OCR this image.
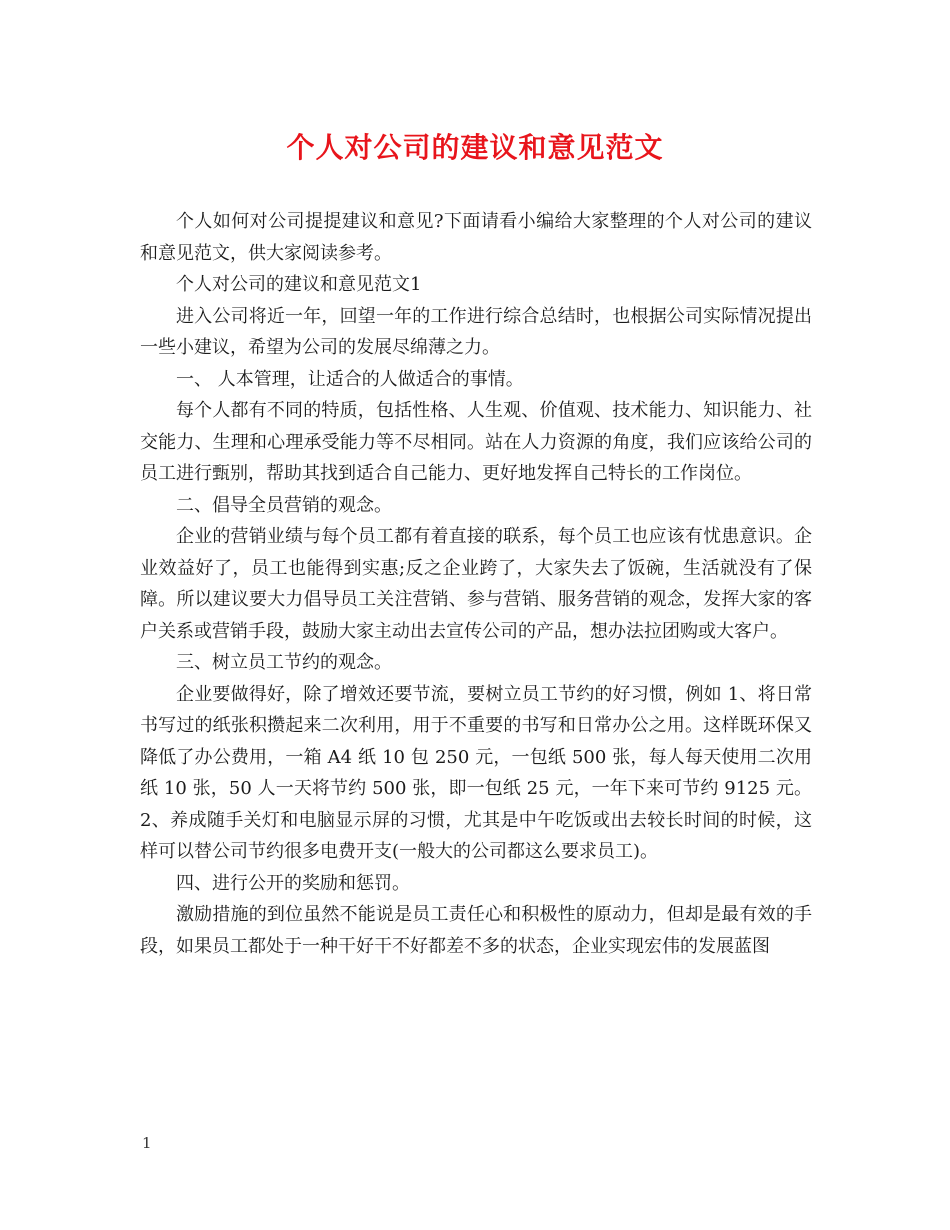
个人对公司的建议和意见范文

个人如何对公司提提建议和意见?下面请看小编给大家整理的个人对公司的建议和意见范文，供大家阅读参考。

个人对公司的建议和意见范文1

进入公司将近一年，回望一年的工作进行综合总结时，也根据公司实际情况提出一些小建议，希望为公司的发展尽绵薄之力。

一、 人本管理，让适合的人做适合的事情。

每个人都有不同的特质，包括性格、人生观、价值观、技术能力、知识能力、社交能力、生理和心理承受能力等不尽相同。站在人力资源的角度，我们应该给公司的员工进行甄别，帮助其找到适合自己能力、更好地发挥自己特长的工作岗位。

二、倡导全员营销的观念。

企业的营销业绩与每个员工都有着直接的联系，每个员工也应该有忧患意识。企业效益好了，员工也能得到实惠;反之企业跨了，大家失去了饭碗，生活就没有了保障。所以建议要大力倡导员工关注营销、参与营销、服务营销的观念，发挥大家的客户关系或营销手段，鼓励大家主动出去宣传公司的产品，想办法拉团购或大客户。

三、树立员工节约的观念。

企业要做得好，除了增效还要节流，要树立员工节约的好习惯，例如 1、将日常书写过的纸张积攒起来二次利用，用于不重要的书写和日常办公之用。这样既环保又降低了办公费用，一箱 A4 纸 10 包 250 元，一包纸 500 张，每人每天使用二次用纸 10 张，50 人一天将节约 500 张，即一包纸 25 元，一年下来可节约 9125 元。2、养成随手关灯和电脑显示屏的习惯，尤其是中午吃饭或出去较长时间的时候，这样可以替公司节约很多电费开支(一般大的公司都这么要求员工)。

四、进行公开的奖励和惩罚。

激励措施的到位虽然不能说是员工责任心和积极性的原动力，但却是最有效的手段，如果员工都处于一种干好干不好都差不多的状态，企业实现宏伟的发展蓝图

1
